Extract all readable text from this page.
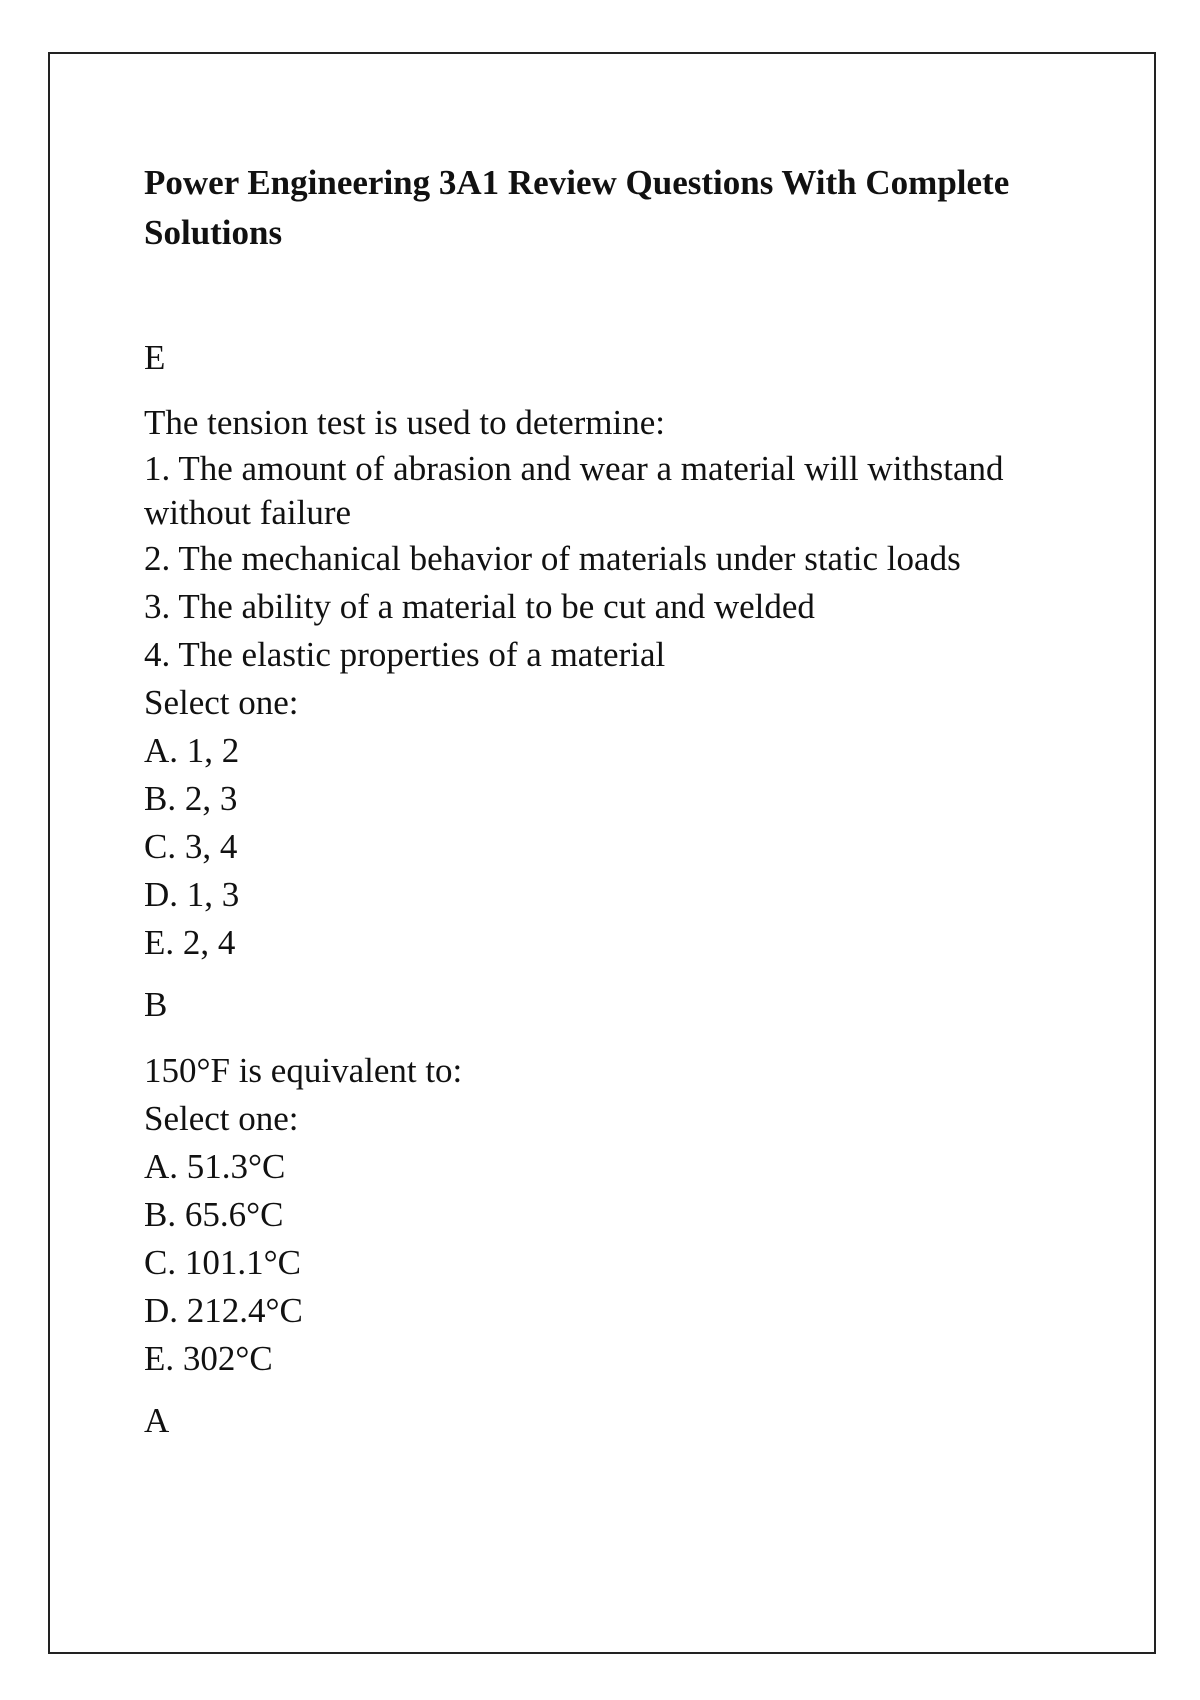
Power Engineering 3A1 Review Questions With Complete Solutions

E

The tension test is used to determine:

1. The amount of abrasion and wear a material will withstand without failure

2. The mechanical behavior of materials under static loads

3. The ability of a material to be cut and welded

4. The elastic properties of a material

Select one:

A. 1, 2

B. 2, 3

C. 3, 4

D. 1, 3

E. 2, 4

B

150°F is equivalent to:

Select one:

A. 51.3°C

B. 65.6°C

C. 101.1°C

D. 212.4°C

E. 302°C

A
